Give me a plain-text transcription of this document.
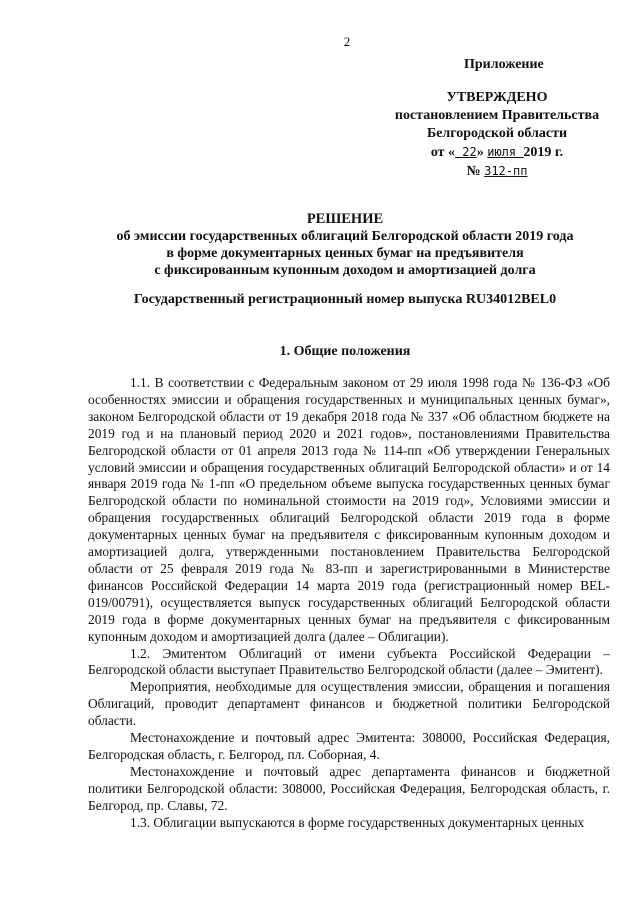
2
Приложение
УТВЕРЖДЕНО
постановлением Правительства
Белгородской области
от « 22» июля 2019 г.
№ 312-пп
РЕШЕНИЕ
об эмиссии государственных облигаций Белгородской области 2019 года
в форме документарных ценных бумаг на предъявителя
с фиксированным купонным доходом и амортизацией долга
Государственный регистрационный номер выпуска RU34012BEL0
1. Общие положения

1.1. В соответствии с Федеральным законом от 29 июля 1998 года № 136-ФЗ «Об особенностях эмиссии и обращения государственных и муниципальных ценных бумаг», законом Белгородской области от 19 декабря 2018 года № 337 «Об областном бюджете на 2019 год и на плановый период 2020 и 2021 годов», постановлениями Правительства Белгородской области от 01 апреля 2013 года № 114-пп «Об утверждении Генеральных условий эмиссии и обращения государственных облигаций Белгородской области» и от 14 января 2019 года № 1-пп «О предельном объеме выпуска государственных ценных бумаг Белгородской области по номинальной стоимости на 2019 год», Условиями эмиссии и обращения государственных облигаций Белгородской области 2019 года в форме документарных ценных бумаг на предъявителя с фиксированным купонным доходом и амортизацией долга, утвержденными постановлением Правительства Белгородской области от 25 февраля 2019 года № 83-пп и зарегистрированными в Министерстве финансов Российской Федерации 14 марта 2019 года (регистрационный номер BEL-019/00791), осуществляется выпуск государственных облигаций Белгородской области 2019 года в форме документарных ценных бумаг на предъявителя с фиксированным купонным доходом и амортизацией долга (далее – Облигации).

1.2. Эмитентом Облигаций от имени субъекта Российской Федерации – Белгородской области выступает Правительство Белгородской области (далее – Эмитент).

Мероприятия, необходимые для осуществления эмиссии, обращения и погашения Облигаций, проводит департамент финансов и бюджетной политики Белгородской области.

Местонахождение и почтовый адрес Эмитента: 308000, Российская Федерация, Белгородская область, г. Белгород, пл. Соборная, 4.

Местонахождение и почтовый адрес департамента финансов и бюджетной политики Белгородской области: 308000, Российская Федерация, Белгородская область, г. Белгород, пр. Славы, 72.

1.3. Облигации выпускаются в форме государственных документарных ценных
